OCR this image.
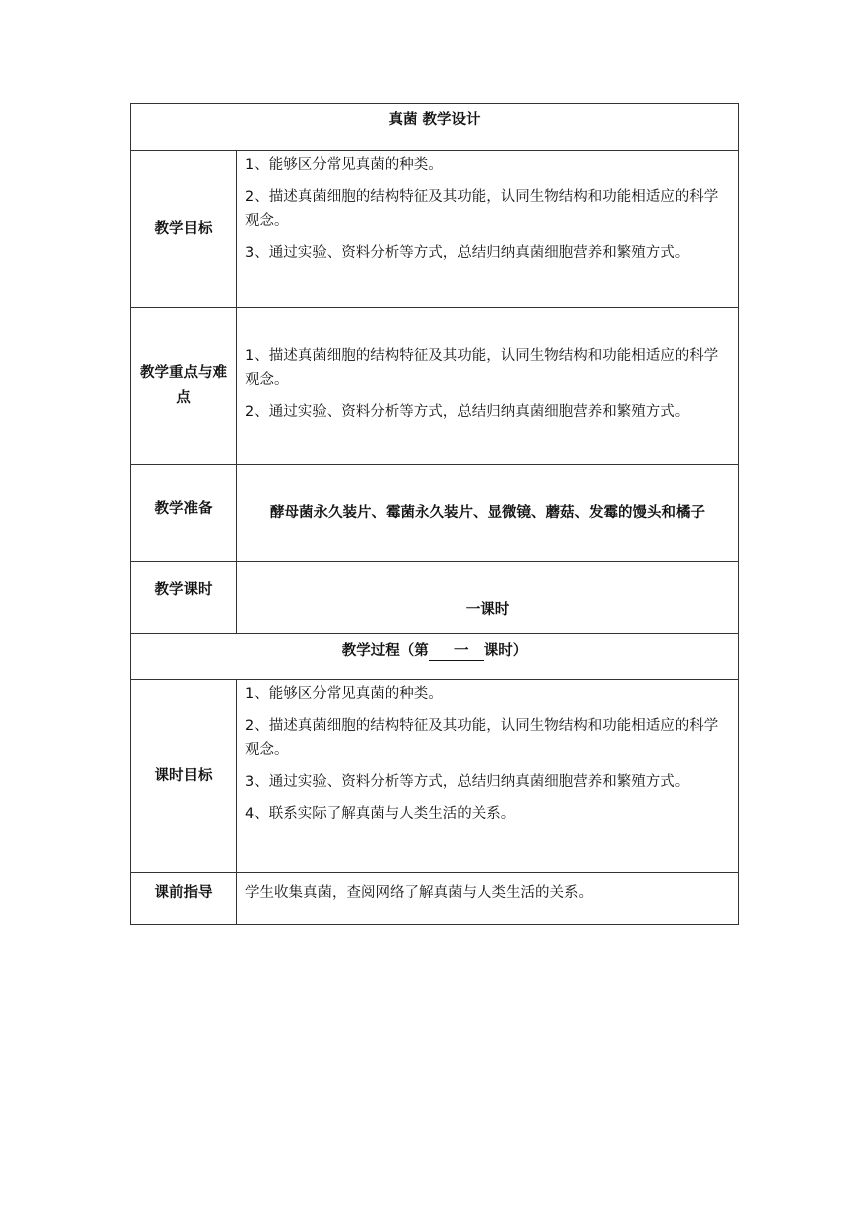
真菌 教学设计	
教学目标	1、能够区分常见真菌的种类。

2、描述真菌细胞的结构特征及其功能，认同生物结构和功能相适应的科学观念。

3、通过实验、资料分析等方式，总结归纳真菌细胞营养和繁殖方式。

教学重点与难点	1、描述真菌细胞的结构特征及其功能，认同生物结构和功能相适应的科学观念。

2、通过实验、资料分析等方式，总结归纳真菌细胞营养和繁殖方式。

教学准备	酵母菌永久装片、霉菌永久装片、显微镜、蘑菇、发霉的馒头和橘子
教学课时	一课时
教学过程（第 一 课时）	
课时目标	1、能够区分常见真菌的种类。

2、描述真菌细胞的结构特征及其功能，认同生物结构和功能相适应的科学观念。

3、通过实验、资料分析等方式，总结归纳真菌细胞营养和繁殖方式。

4、联系实际了解真菌与人类生活的关系。

课前指导	学生收集真菌，查阅网络了解真菌与人类生活的关系。
